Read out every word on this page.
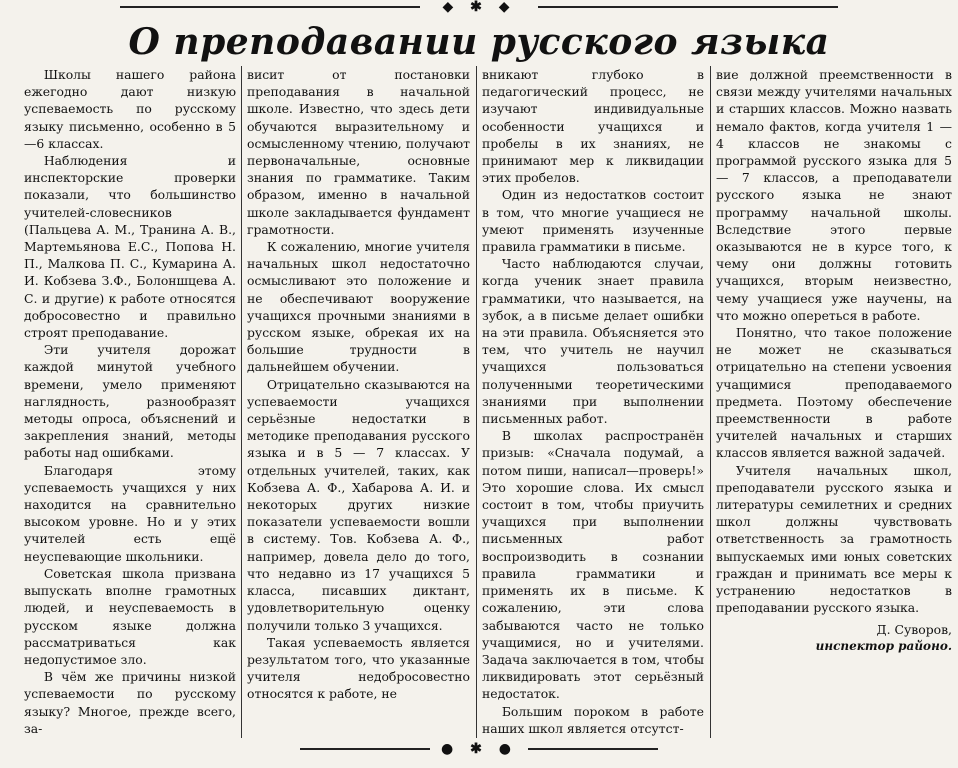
◆ ✱ ◆
О преподавании русского языка

Школы нашего района ежегодно дают низкую успеваемость по русскому языку письменно, особенно в 5—6 классах.

Наблюдения и инспекторские проверки показали, что большинство учителей-словесников (Пальцева А. М., Транина А. В., Мартемьянова Е.С., Попова Н. П., Малкова П. С., Кумарина А. И. Кобзева З.Ф., Болоншцева А. С. и другие) к работе относятся добросовестно и правильно строят преподавание.

Эти учителя дорожат каждой минутой учебного времени, умело применяют наглядность, разнообразят методы опроса, объяснений и закрепления знаний, методы работы над ошибками.

Благодаря этому успеваемость учащихся у них находится на сравнительно высоком уровне. Но и у этих учителей есть ещё неуспевающие школьники.

Советская школа призвана выпускать вполне грамотных людей, и неуспеваемость в русском языке должна рассматриваться как недопустимое зло.

В чём же причины низкой успеваемости по русскому языку? Многое, прежде всего, за-

висит от постановки преподавания в начальной школе. Известно, что здесь дети обучаются выразительному и осмысленному чтению, получают первоначальные, основные знания по грамматике. Таким образом, именно в начальной школе закладывается фундамент грамотности.

К сожалению, многие учителя начальных школ недостаточно осмысливают это положение и не обеспечивают вооружение учащихся прочными знаниями в русском языке, обрекая их на большие трудности в дальнейшем обучении.

Отрицательно сказываются на успеваемости учащихся серьёзные недостатки в методике преподавания русского языка и в 5 — 7 классах. У отдельных учителей, таких, как Кобзева А. Ф., Хабарова А. И. и некоторых других низкие показатели успеваемости вошли в систему. Тов. Кобзева А. Ф., например, довела дело до того, что недавно из 17 учащихся 5 класса, писавших диктант, удовлетворительную оценку получили только 3 учащихся.

Такая успеваемость является результатом того, что указанные учителя недобросовестно относятся к работе, не

вникают глубоко в педагогический процесс, не изучают индивидуальные особенности учащихся и пробелы в их знаниях, не принимают мер к ликвидации этих пробелов.

Один из недостатков состоит в том, что многие учащиеся не умеют применять изученные правила грамматики в письме.

Часто наблюдаются случаи, когда ученик знает правила грамматики, что называется, на зубок, а в письме делает ошибки на эти правила. Объясняется это тем, что учитель не научил учащихся пользоваться полученными теоретическими знаниями при выполнении письменных работ.

В школах распространён призыв: «Сначала подумай, а потом пиши, написал—проверь!» Это хорошие слова. Их смысл состоит в том, чтобы приучить учащихся при выполнении письменных работ воспроизводить в сознании правила грамматики и применять их в письме. К сожалению, эти слова забываются часто не только учащимися, но и учителями. Задача заключается в том, чтобы ликвидировать этот серьёзный недостаток.

Большим пороком в работе наших школ является отсутст-

вие должной преемственности в связи между учителями начальных и старших классов. Можно назвать немало фактов, когда учителя 1 — 4 классов не знакомы с программой русского языка для 5 — 7 классов, а преподаватели русского языка не знают программу начальной школы. Вследствие этого первые оказываются не в курсе того, к чему они должны готовить учащихся, вторым неизвестно, чему учащиеся уже научены, на что можно опереться в работе.

Понятно, что такое положение не может не сказываться отрицательно на степени усвоения учащимися преподаваемого предмета. Поэтому обеспечение преемственности в работе учителей начальных и старших классов является важной задачей.

Учителя начальных школ, преподаватели русского языка и литературы семилетних и средних школ должны чувствовать ответственность за грамотность выпускаемых ими юных советских граждан и принимать все меры к устранению недостатков в преподавании русского языка.

Д. Суворов,
инспектор районо.
● ✱ ●
